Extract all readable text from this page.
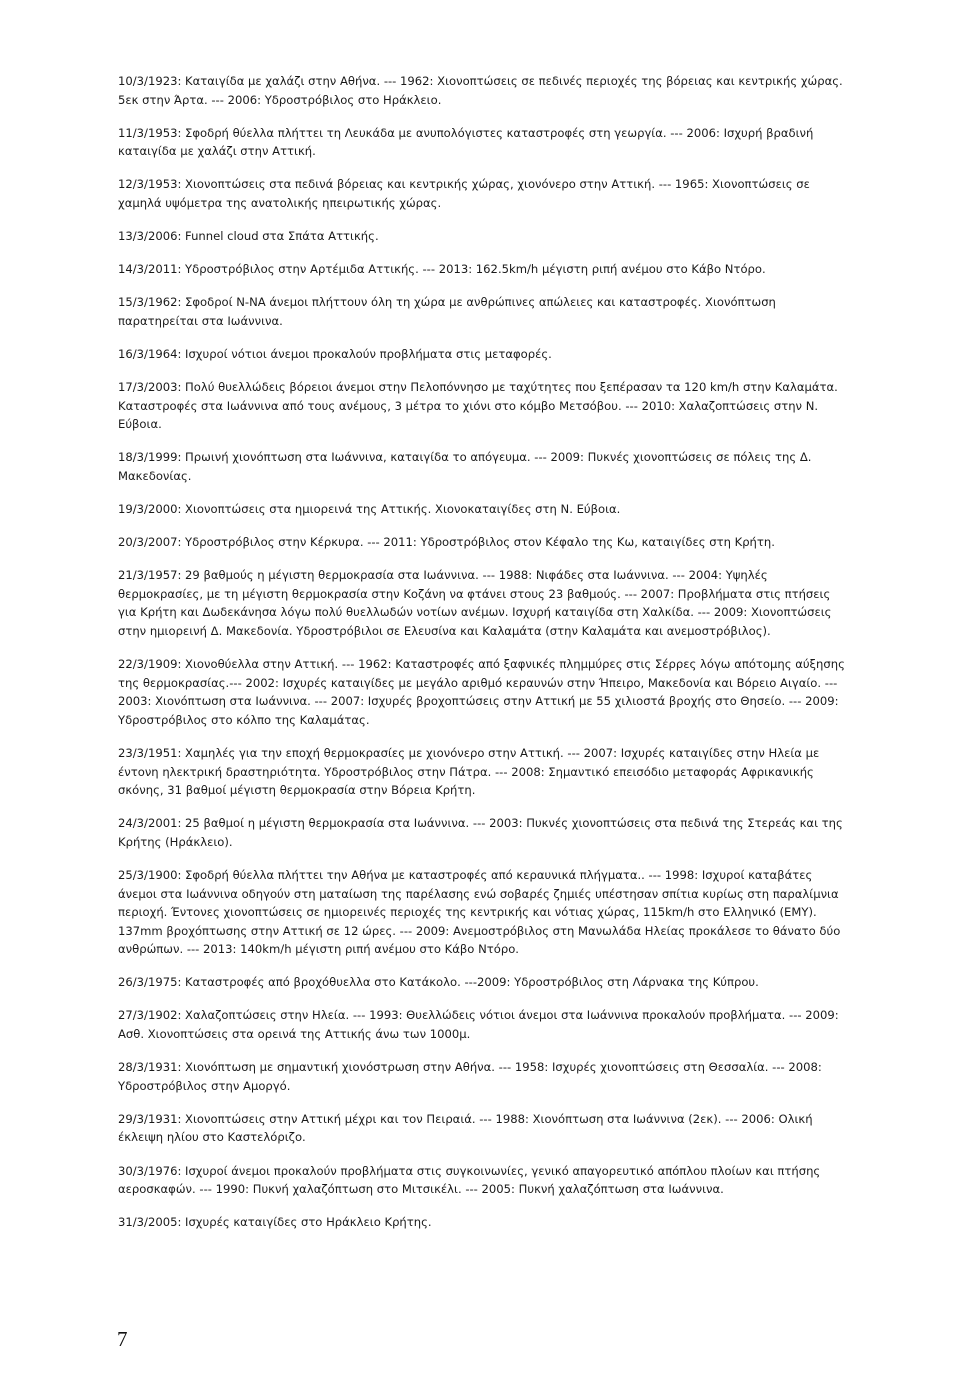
10/3/1923: Καταιγίδα με χαλάζι στην Αθήνα. --- 1962: Χιονοπτώσεις σε πεδινές περιοχές της βόρειας και κεντρικής χώρας. 5εκ στην Άρτα. --- 2006: Υδροστρόβιλος στο Ηράκλειο.

11/3/1953: Σφοδρή θύελλα πλήττει τη Λευκάδα με ανυπολόγιστες καταστροφές στη γεωργία. --- 2006: Ισχυρή βραδινή καταιγίδα με χαλάζι στην Αττική.

12/3/1953: Χιονοπτώσεις στα πεδινά βόρειας και κεντρικής χώρας, χιονόνερο στην Αττική. --- 1965: Χιονοπτώσεις σε χαμηλά υψόμετρα της ανατολικής ηπειρωτικής χώρας.

13/3/2006: Funnel cloud στα Σπάτα Αττικής.

14/3/2011: Υδροστρόβιλος στην Αρτέμιδα Αττικής. --- 2013: 162.5km/h μέγιστη ριπή ανέμου στο Κάβο Ντόρο.

15/3/1962: Σφοδροί Ν-ΝΑ άνεμοι πλήττουν όλη τη χώρα με ανθρώπινες απώλειες και καταστροφές. Χιονόπτωση παρατηρείται στα Ιωάννινα.

16/3/1964: Ισχυροί νότιοι άνεμοι προκαλούν προβλήματα στις μεταφορές.

17/3/2003: Πολύ θυελλώδεις βόρειοι άνεμοι στην Πελοπόννησο με ταχύτητες που ξεπέρασαν τα 120 km/h στην Καλαμάτα. Καταστροφές στα Ιωάννινα από τους ανέμους, 3 μέτρα το χιόνι στο κόμβο Μετσόβου. --- 2010: Χαλαζοπτώσεις στην Ν. Εύβοια.

18/3/1999: Πρωινή χιονόπτωση στα Ιωάννινα, καταιγίδα το απόγευμα. --- 2009: Πυκνές χιονοπτώσεις σε πόλεις της Δ. Μακεδονίας.

19/3/2000: Χιονοπτώσεις στα ημιορεινά της Αττικής. Χιονοκαταιγίδες στη Ν. Εύβοια.

20/3/2007: Υδροστρόβιλος στην Κέρκυρα. --- 2011: Υδροστρόβιλος στον Κέφαλο της Κω, καταιγίδες στη Κρήτη.

21/3/1957: 29 βαθμούς η μέγιστη θερμοκρασία στα Ιωάννινα. --- 1988: Νιφάδες στα Ιωάννινα. --- 2004: Υψηλές θερμοκρασίες, με τη μέγιστη θερμοκρασία στην Κοζάνη να φτάνει στους 23 βαθμούς. --- 2007: Προβλήματα στις πτήσεις για Κρήτη και Δωδεκάνησα λόγω πολύ θυελλωδών νοτίων ανέμων. Ισχυρή καταιγίδα στη Χαλκίδα. --- 2009: Χιονοπτώσεις στην ημιορεινή Δ. Μακεδονία. Υδροστρόβιλοι σε Ελευσίνα και Καλαμάτα (στην Καλαμάτα και ανεμοστρόβιλος).

22/3/1909: Χιονοθύελλα στην Αττική. --- 1962: Καταστροφές από ξαφνικές πλημμύρες στις Σέρρες λόγω απότομης αύξησης της θερμοκρασίας.--- 2002: Ισχυρές καταιγίδες με μεγάλο αριθμό κεραυνών στην Ήπειρο, Μακεδονία και Βόρειο Αιγαίο. --- 2003: Χιονόπτωση στα Ιωάννινα. --- 2007: Ισχυρές βροχοπτώσεις στην Αττική με 55 χιλιοστά βροχής στο Θησείο. --- 2009: Υδροστρόβιλος στο κόλπο της Καλαμάτας.

23/3/1951: Χαμηλές για την εποχή θερμοκρασίες με χιονόνερο στην Αττική. --- 2007: Ισχυρές καταιγίδες στην Ηλεία με έντονη ηλεκτρική δραστηριότητα. Υδροστρόβιλος στην Πάτρα. --- 2008: Σημαντικό επεισόδιο μεταφοράς Αφρικανικής σκόνης, 31 βαθμοί μέγιστη θερμοκρασία στην Βόρεια Κρήτη.

24/3/2001: 25 βαθμοί η μέγιστη θερμοκρασία στα Ιωάννινα. --- 2003: Πυκνές χιονοπτώσεις στα πεδινά της Στερεάς και της Κρήτης (Ηράκλειο).

25/3/1900: Σφοδρή θύελλα πλήττει την Αθήνα με καταστροφές από κεραυνικά πλήγματα.. --- 1998: Ισχυροί καταβάτες άνεμοι στα Ιωάννινα οδηγούν στη ματαίωση της παρέλασης ενώ σοβαρές ζημιές υπέστησαν σπίτια κυρίως στη παραλίμνια περιοχή. Έντονες χιονοπτώσεις σε ημιορεινές περιοχές της κεντρικής και νότιας χώρας, 115km/h στο Ελληνικό (ΕΜΥ). 137mm βροχόπτωσης στην Αττική σε 12 ώρες. --- 2009: Ανεμοστρόβιλος στη Μανωλάδα Ηλείας προκάλεσε το θάνατο δύο ανθρώπων. --- 2013: 140km/h μέγιστη ριπή ανέμου στο Κάβο Ντόρο.

26/3/1975: Καταστροφές από βροχόθυελλα στο Κατάκολο. ---2009: Υδροστρόβιλος στη Λάρνακα της Κύπρου.

27/3/1902: Χαλαζοπτώσεις στην Ηλεία. --- 1993: Θυελλώδεις νότιοι άνεμοι στα Ιωάννινα προκαλούν προβλήματα. --- 2009: Ασθ. Χιονοπτώσεις στα ορεινά της Αττικής άνω των 1000μ.

28/3/1931: Χιονόπτωση με σημαντική χιονόστρωση στην Αθήνα. --- 1958: Ισχυρές χιονοπτώσεις στη Θεσσαλία. --- 2008: Υδροστρόβιλος στην Αμοργό.

29/3/1931: Χιονοπτώσεις στην Αττική μέχρι και τον Πειραιά. --- 1988: Χιονόπτωση στα Ιωάννινα (2εκ). --- 2006: Ολική έκλειψη ηλίου στο Καστελόριζο.

30/3/1976: Ισχυροί άνεμοι προκαλούν προβλήματα στις συγκοινωνίες, γενικό απαγορευτικό απόπλου πλοίων και πτήσης αεροσκαφών. --- 1990: Πυκνή χαλαζόπτωση στο Μιτσικέλι. --- 2005: Πυκνή χαλαζόπτωση στα Ιωάννινα.

31/3/2005: Ισχυρές καταιγίδες στο Ηράκλειο Κρήτης.

7
